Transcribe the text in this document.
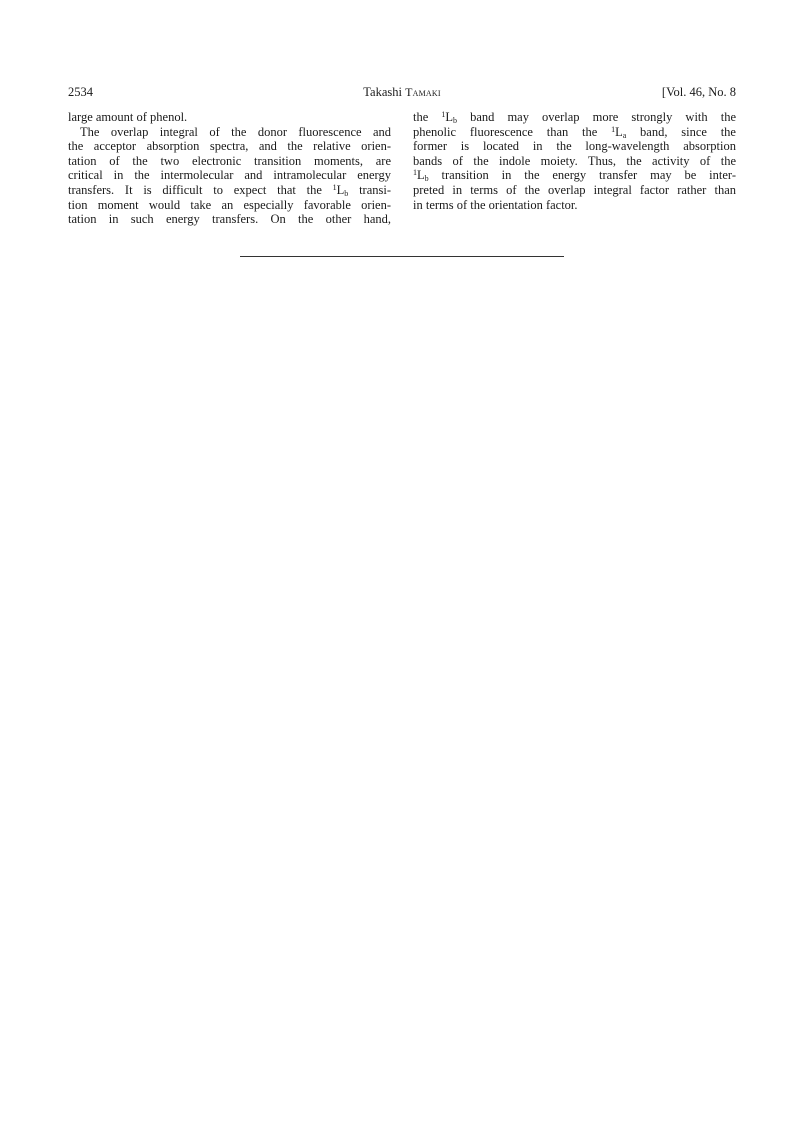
2534	Takashi Tamaki	[Vol. 46, No. 8
large amount of phenol.
The overlap integral of the donor fluorescence and
the acceptor absorption spectra, and the relative orien-
tation of the two electronic transition moments, are
critical in the intermolecular and intramolecular energy
transfers. It is difficult to expect that the $^1L_b$ transi-
tion moment would take an especially favorable orien-
tation in such energy transfers. On the other hand,
the $^1L_b$ band may overlap more strongly with the
phenolic fluorescence than the $^1L_a$ band, since the
former is located in the long-wavelength absorption
bands of the indole moiety. Thus, the activity of the
$^1L_b$ transition in the energy transfer may be inter-
preted in terms of the overlap integral factor rather than
in terms of the orientation factor.
